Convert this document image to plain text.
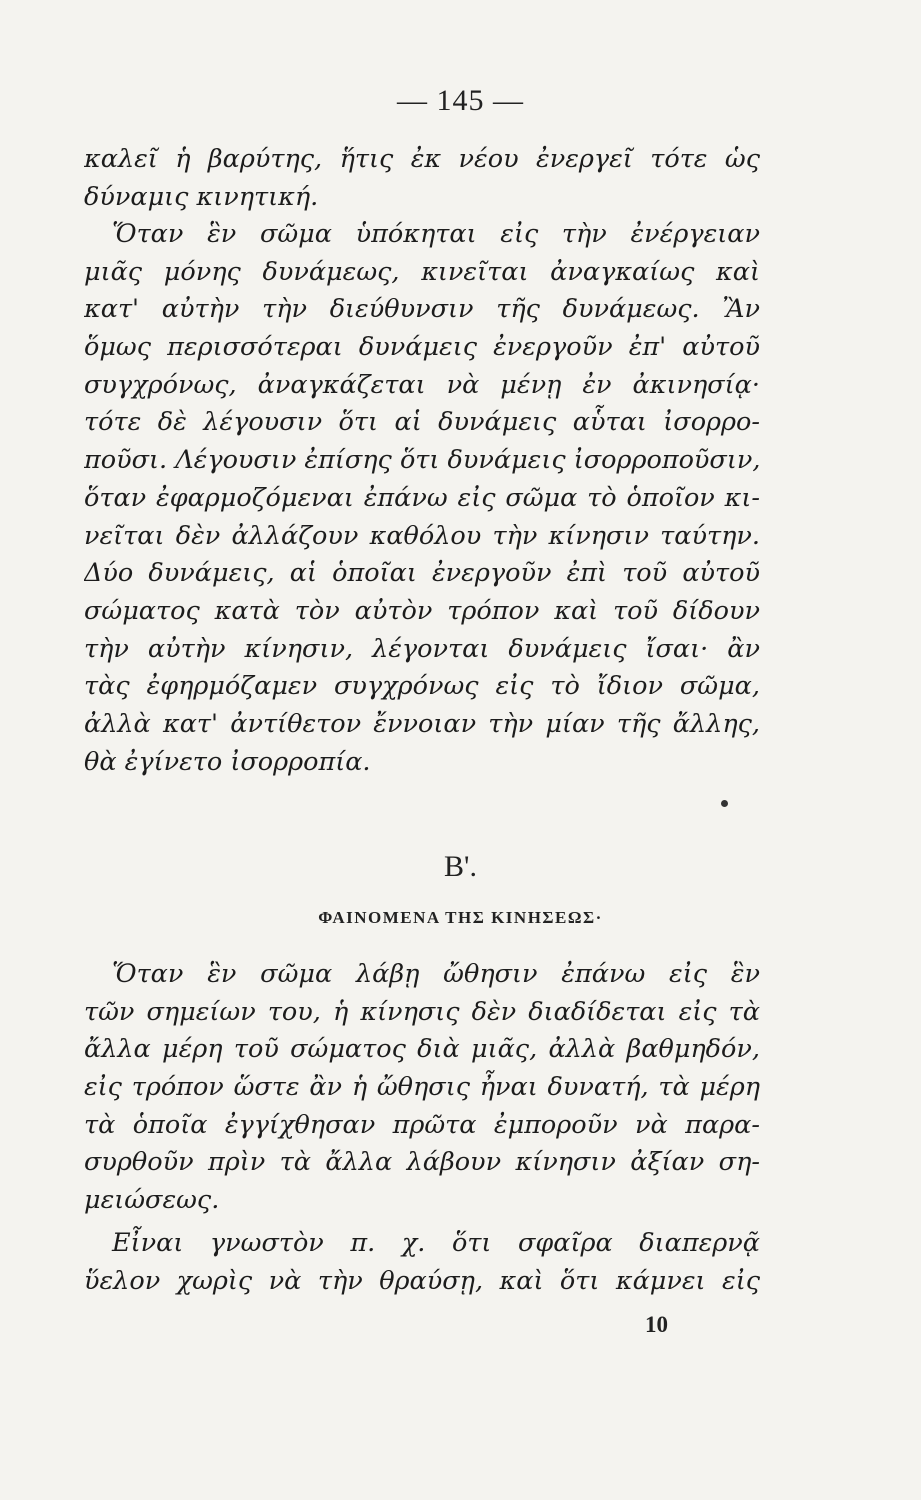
— 145 —
καλεῖ ἡ βαρύτης, ἥτις ἐκ νέου ἐνεργεῖ τότε ὡς
δύναμις κινητική.
Ὅταν ἓν σῶμα ὑπόκηται εἰς τὴν ἐνέργειαν
μιᾶς μόνης δυνάμεως, κινεῖται ἀναγκαίως καὶ
κατ' αὐτὴν τὴν διεύθυνσιν τῆς δυνάμεως. Ἂν
ὅμως περισσότεραι δυνάμεις ἐνεργοῦν ἐπ' αὐτοῦ
συγχρόνως, ἀναγκάζεται νὰ μένῃ ἐν ἀκινησίᾳ·
τότε δὲ λέγουσιν ὅτι αἱ δυνάμεις αὗται ἰσορρο-
ποῦσι. Λέγουσιν ἐπίσης ὅτι δυνάμεις ἰσορροποῦσιν,
ὅταν ἐφαρμοζόμεναι ἐπάνω εἰς σῶμα τὸ ὁποῖον κι-
νεῖται δὲν ἀλλάζουν καθόλου τὴν κίνησιν ταύτην.
Δύο δυνάμεις, αἱ ὁποῖαι ἐνεργοῦν ἐπὶ τοῦ αὐτοῦ
σώματος κατὰ τὸν αὐτὸν τρόπον καὶ τοῦ δίδουν
τὴν αὐτὴν κίνησιν, λέγονται δυνάμεις ἴσαι· ἂν
τὰς ἐφηρμόζαμεν συγχρόνως εἰς τὸ ἴδιον σῶμα,
ἀλλὰ κατ' ἀντίθετον ἔννοιαν τὴν μίαν τῆς ἄλλης,
θὰ ἐγίνετο ἰσορροπία.
Β'.
ΦΑΙΝΟΜΕΝΑ ΤΗΣ ΚΙΝΗΣΕΩΣ·
Ὅταν ἓν σῶμα λάβῃ ὤθησιν ἐπάνω εἰς ἓν
τῶν σημείων του, ἡ κίνησις δὲν διαδίδεται εἰς τὰ
ἄλλα μέρη τοῦ σώματος διὰ μιᾶς, ἀλλὰ βαθμηδόν,
εἰς τρόπον ὥστε ἂν ἡ ὤθησις ἦναι δυνατή, τὰ μέρη
τὰ ὁποῖα ἐγγίχθησαν πρῶτα ἐμποροῦν νὰ παρα-
συρθοῦν πρὶν τὰ ἄλλα λάβουν κίνησιν ἀξίαν ση-
μειώσεως.
Εἶναι γνωστὸν π. χ. ὅτι σφαῖρα διαπερνᾷ
ὕελον χωρὶς νὰ τὴν θραύσῃ, καὶ ὅτι κάμνει εἰς
10
